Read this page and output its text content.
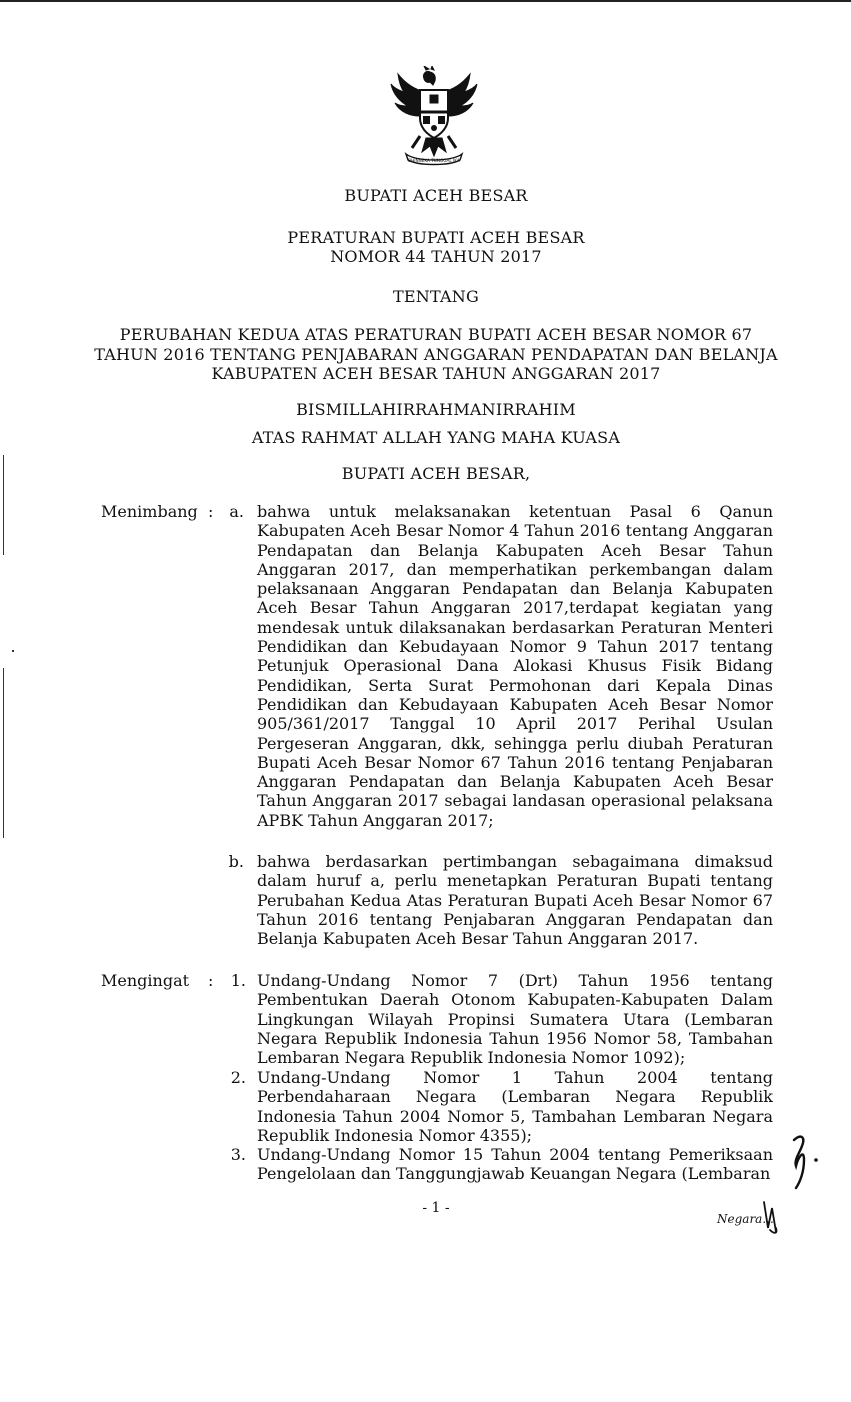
BHINNEKA TUNGGAL IKA
BUPATI ACEH BESAR
PERATURAN BUPATI ACEH BESAR
NOMOR 44 TAHUN 2017
TENTANG
PERUBAHAN KEDUA ATAS PERATURAN BUPATI ACEH BESAR NOMOR 67
TAHUN 2016 TENTANG PENJABARAN ANGGARAN PENDAPATAN DAN BELANJA
KABUPATEN ACEH BESAR TAHUN ANGGARAN 2017
BISMILLAHIRRAHMANIRRAHIM
ATAS RAHMAT ALLAH YANG MAHA KUASA
BUPATI ACEH BESAR,
Menimbang : a. bahwa untuk melaksanakan ketentuan Pasal 6 Qanun Kabupaten Aceh Besar Nomor 4 Tahun 2016 tentang Anggaran Pendapatan dan Belanja Kabupaten Aceh Besar Tahun Anggaran 2017, dan memperhatikan perkembangan dalam pelaksanaan Anggaran Pendapatan dan Belanja Kabupaten Aceh Besar Tahun Anggaran 2017,terdapat kegiatan yang mendesak untuk dilaksanakan berdasarkan Peraturan Menteri Pendidikan dan Kebudayaan Nomor 9 Tahun 2017 tentang Petunjuk Operasional Dana Alokasi Khusus Fisik Bidang Pendidikan, Serta Surat Permohonan dari Kepala Dinas Pendidikan dan Kebudayaan Kabupaten Aceh Besar Nomor 905/361/2017 Tanggal 10 April 2017 Perihal Usulan Pergeseran Anggaran, dkk, sehingga perlu diubah Peraturan Bupati Aceh Besar Nomor 67 Tahun 2016 tentang Penjabaran Anggaran Pendapatan dan Belanja Kabupaten Aceh Besar Tahun Anggaran 2017 sebagai landasan operasional pelaksana APBK Tahun Anggaran 2017;
b. bahwa berdasarkan pertimbangan sebagaimana dimaksud dalam huruf a, perlu menetapkan Peraturan Bupati tentang Perubahan Kedua Atas Peraturan Bupati Aceh Besar Nomor 67 Tahun 2016 tentang Penjabaran Anggaran Pendapatan dan Belanja Kabupaten Aceh Besar Tahun Anggaran 2017.
Mengingat :	1. Undang-Undang Nomor 7 (Drt) Tahun 1956 tentang Pembentukan Daerah Otonom Kabupaten-Kabupaten Dalam Lingkungan Wilayah Propinsi Sumatera Utara (Lembaran Negara Republik Indonesia Tahun 1956 Nomor 58, Tambahan Lembaran Negara Republik Indonesia Nomor 1092);
2. Undang-Undang Nomor 1 Tahun 2004 tentang Perbendaharaan Negara (Lembaran Negara Republik Indonesia Tahun 2004 Nomor 5, Tambahan Lembaran Negara Republik Indonesia Nomor 4355);
3. Undang-Undang Nomor 15 Tahun 2004 tentang Pemeriksaan Pengelolaan dan Tanggungjawab Keuangan Negara (Lembaran
- 1 -
Negara...
